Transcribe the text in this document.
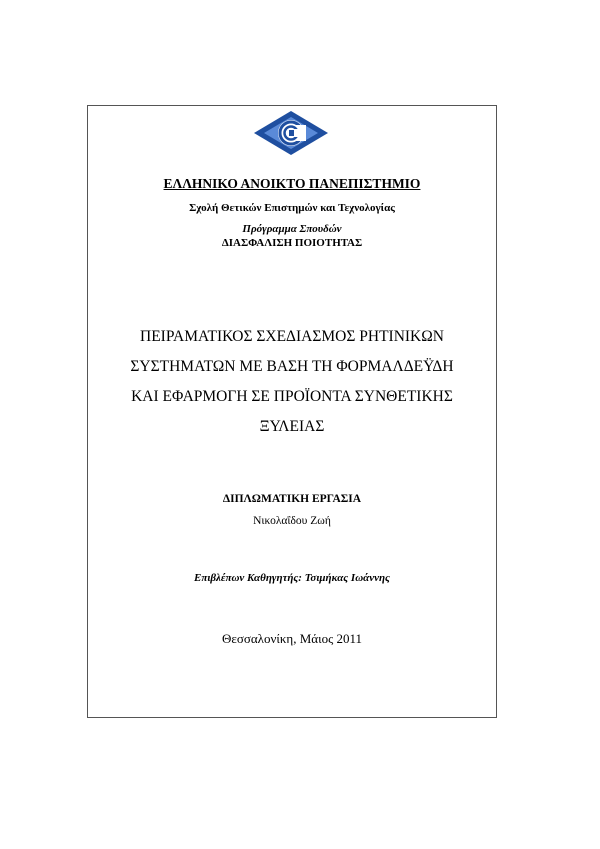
ΕΛΛΗΝΙΚΟ ΑΝΟΙΚΤΟ ΠΑΝΕΠΙΣΤΗΜΙΟ
Σχολή Θετικών Επιστημών και Τεχνολογίας
Πρόγραμμα Σπουδών
ΔΙΑΣΦΑΛΙΣΗ ΠΟΙΟΤΗΤΑΣ
ΠΕΙΡΑΜΑΤΙΚΟΣ ΣΧΕΔΙΑΣΜΟΣ ΡΗΤΙΝΙΚΩΝ
ΣΥΣΤΗΜΑΤΩΝ ΜΕ ΒΑΣΗ ΤΗ ΦΟΡΜΑΛΔΕΫΔΗ
ΚΑΙ ΕΦΑΡΜΟΓΗ ΣΕ ΠΡΟΪΟΝΤΑ ΣΥΝΘΕΤΙΚΗΣ
ΞΥΛΕΙΑΣ
ΔΙΠΛΩΜΑΤΙΚΗ ΕΡΓΑΣΙΑ
Νικολαΐδου Ζωή
Επιβλέπων Καθηγητής: Τσιμήκας Ιωάννης
Θεσσαλονίκη, Μάιος 2011
